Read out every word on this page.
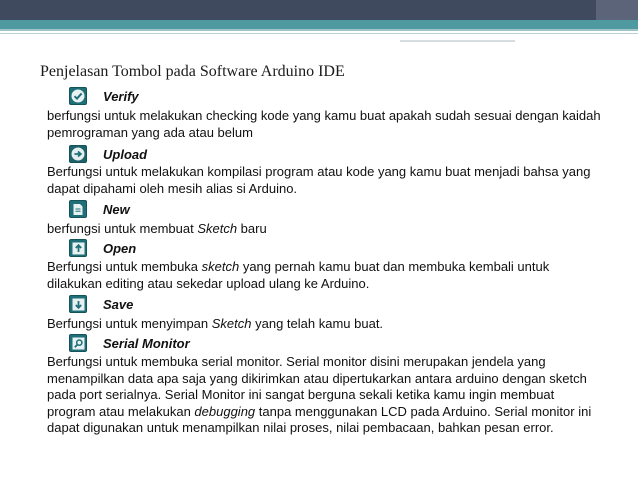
Penjelasan Tombol pada Software Arduino IDE
Verify
berfungsi untuk melakukan checking kode yang kamu buat apakah sudah sesuai dengan kaidah
pemrograman yang ada atau belum
Upload
Berfungsi untuk melakukan kompilasi program atau kode yang kamu buat menjadi bahsa yang
dapat dipahami oleh mesih alias si Arduino.
New
berfungsi untuk membuat Sketch baru
Open
Berfungsi untuk membuka sketch yang pernah kamu buat dan membuka kembali untuk
dilakukan editing atau sekedar upload ulang ke Arduino.
Save
Berfungsi untuk menyimpan Sketch yang telah kamu buat.
Serial Monitor
Berfungsi untuk membuka serial monitor. Serial monitor disini merupakan jendela yang
menampilkan data apa saja yang dikirimkan atau dipertukarkan antara arduino dengan sketch
pada port serialnya. Serial Monitor ini sangat berguna sekali ketika kamu ingin membuat
program atau melakukan debugging tanpa menggunakan LCD pada Arduino. Serial monitor ini
dapat digunakan untuk menampilkan nilai proses, nilai pembacaan, bahkan pesan error.
